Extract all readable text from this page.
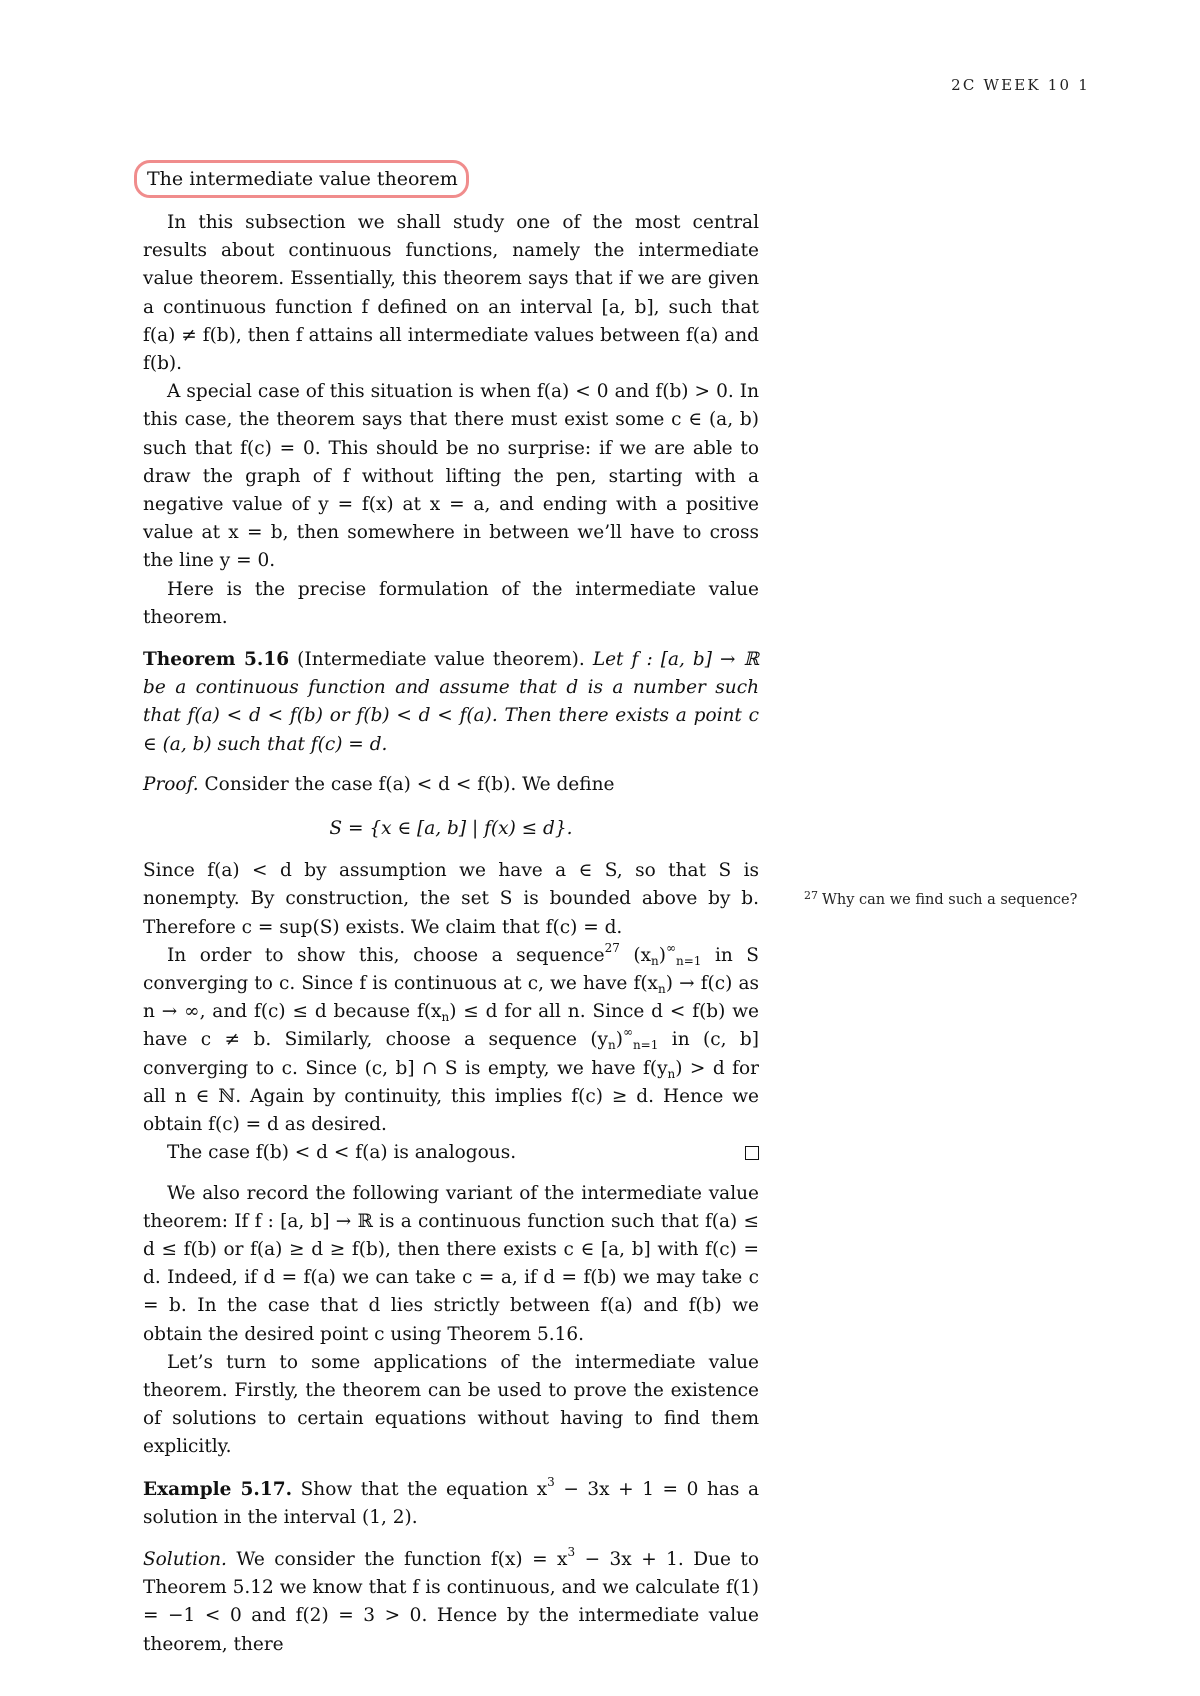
2C WEEK 10 1
The intermediate value theorem

In this subsection we shall study one of the most central results about continuous functions, namely the intermediate value theorem. Essentially, this theorem says that if we are given a continuous function f defined on an interval [a, b], such that f(a) ≠ f(b), then f attains all intermediate values between f(a) and f(b).

A special case of this situation is when f(a) < 0 and f(b) > 0. In this case, the theorem says that there must exist some c ∈ (a, b) such that f(c) = 0. This should be no surprise: if we are able to draw the graph of f without lifting the pen, starting with a negative value of y = f(x) at x = a, and ending with a positive value at x = b, then somewhere in between we’ll have to cross the line y = 0.

Here is the precise formulation of the intermediate value theorem.

Theorem 5.16 (Intermediate value theorem). Let f : [a, b] → ℝ be a continuous function and assume that d is a number such that f(a) < d < f(b) or f(b) < d < f(a). Then there exists a point c ∈ (a, b) such that f(c) = d.

Proof. Consider the case f(a) < d < f(b). We define

S = {x ∈ [a, b] | f(x) ≤ d}.

Since f(a) < d by assumption we have a ∈ S, so that S is nonempty. By construction, the set S is bounded above by b. Therefore c = sup(S) exists. We claim that f(c) = d.

In order to show this, choose a sequence$^{27}$ $(x_n)^\infty_{n=1}$ in S converging to c. Since f is continuous at c, we have $f(x_n) \to f(c)$ as n → ∞, and f(c) ≤ d because $f(x_n) \le d$ for all n. Since d < f(b) we have c ≠ b. Similarly, choose a sequence $(y_n)^\infty_{n=1}$ in (c, b] converging to c. Since (c, b] ∩ S is empty, we have $f(y_n) > d$ for all n ∈ ℕ. Again by continuity, this implies f(c) ≥ d. Hence we obtain f(c) = d as desired.

The case f(b) < d < f(a) is analogous.

We also record the following variant of the intermediate value theorem: If f : [a, b] → ℝ is a continuous function such that f(a) ≤ d ≤ f(b) or f(a) ≥ d ≥ f(b), then there exists c ∈ [a, b] with f(c) = d. Indeed, if d = f(a) we can take c = a, if d = f(b) we may take c = b. In the case that d lies strictly between f(a) and f(b) we obtain the desired point c using Theorem 5.16.

Let’s turn to some applications of the intermediate value theorem. Firstly, the theorem can be used to prove the existence of solutions to certain equations without having to find them explicitly.

Example 5.17. Show that the equation $x^3 - 3x + 1 = 0$ has a solution in the interval (1, 2).

Solution. We consider the function $f(x) = x^3 - 3x + 1$. Due to Theorem 5.12 we know that f is continuous, and we calculate f(1) = −1 < 0 and f(2) = 3 > 0. Hence by the intermediate value theorem, there

$^{27}$ Why can we find such a sequence?
